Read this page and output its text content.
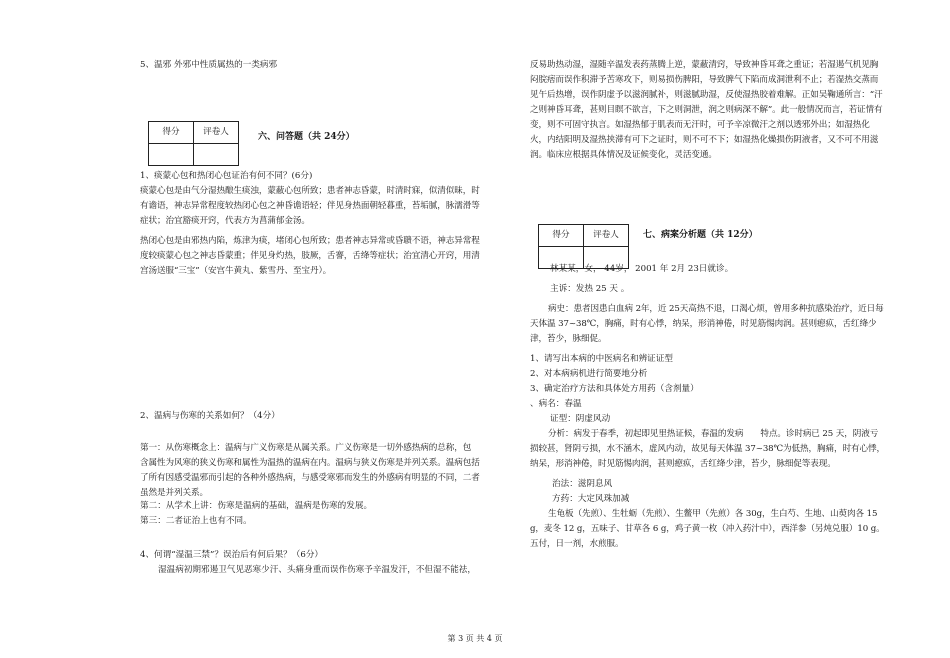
5、温邪 外邪中性质属热的一类病邪

得分	评卷人

六、问答题（共 24分）

1、痰蒙心包和热闭心包证治有何不同？(6分)

痰蒙心包是由气分湿热酿生痰浊，蒙蔽心包所致；患者神志昏蒙，时清时寐，似清似昧，时有谵语，神志异常程度较热闭心包之神昏谵语轻；伴见身热面朝轻暮重，苔垢腻，脉濡滑等症状；治宜豁痰开窍，代表方为菖蒲郁金汤。

热闭心包是由邪热内陷，炼津为痰，堵闭心包所致；患者神志异常或昏聩不语，神志异常程度较痰蒙心包之神志昏蒙重；伴见身灼热，肢厥，舌謇，舌绛等症状；治宜清心开窍，用清宫汤送服“三宝”（安宫牛黄丸、紫雪丹、至宝丹）。

2、温病与伤寒的关系如何？（4分）

第一：从伤寒概念上：温病与广义伤寒是从属关系。广义伤寒是一切外感热病的总称，包 含属性为风寒的狭义伤寒和属性为温热的温病在内。温病与狭义伤寒是并列关系。温病包括了所有因感受温邪而引起的各种外感热病，与感受寒邪而发生的外感病有明显的不同，二者虽然是并列关系。

第二：从学术上讲：伤寒是温病的基础，温病是伤寒的发展。

第三：二者证治上也有不同。

4、何谓“湿温三禁”？误治后有何后果？（6分）

湿温病初期邪遏卫气见恶寒少汗、头痛身重而误作伤寒予辛温发汗，不但湿不能祛，

反易助热动湿，湿随辛温发表药蒸腾上逆，蒙蔽清窍，导致神昏耳聋之重证；若湿遏气机见胸闷脘痞而误作积滞予苦寒攻下，则易损伤脾阳，导致脾气下陷而成洞泄利不止；若湿热交蒸而见午后热增，误作阴虚予以滋润腻补，则滋腻助湿，反使湿热胶着难解。正如吴鞠通所言：“汗之则神昏耳聋，甚则目瞑不欲言，下之则洞泄，润之则病深不解”。此一般情况而言，若证情有变，则不可固守执言。如湿热郁于肌表而无汗时，可予辛凉微汗之剂以透邪外出；如湿热化火，内结阳明及湿热挟滞有可下之证时，则不可不下；如湿热化燥损伤阴液者，又不可不用滋润。临床应根据具体情况及证候变化，灵活变通。

得分	评卷人
		七、病案分析题（共 12分）

林某某，女， 44岁， 2001 年 2月 23日就诊。

主诉：发热 25 天 。

病史：患者因患白血病 2年，近 25天高热不退，口渴心烦，曾用多种抗感染治疗，近日每天体温 37~38℃，胸痛，时有心悸，纳呆，形消神倦，时见筋惕肉润。甚则瘛疭，舌红绛少津，苔少，脉细促。

1、请写出本病的中医病名和辨证证型

2、对本病病机进行简要地分析

3、确定治疗方法和具体处方用药（含剂量）

、病名：春温

证型：阴虚风动

分析：病发于春季，初起即见里热证候，春温的发病　　特点。诊时病已 25 天，阴液亏损较甚，肾阴亏损，水不涵木，虚风内动，故见每天体温 37~38℃为低热，胸痛，时有心悸，纳呆，形消神倦，时见筋惕肉润，甚则瘛疭，舌红绛少津，苔少，脉细促等表现。

治法：滋阴息风

方药：大定风珠加减

生龟板（先煎）、生牡蛎（先煎）、生鳖甲（先煎）各 30g，生白芍、生地、山萸肉各 15 g，麦冬 12 g，五味子、甘草各 6 g，鸡子黄一枚（冲入药汁中），西洋参（另炖兑服）10 g。五付，日一剂，水煎服。

第 3 页 共 4 页
